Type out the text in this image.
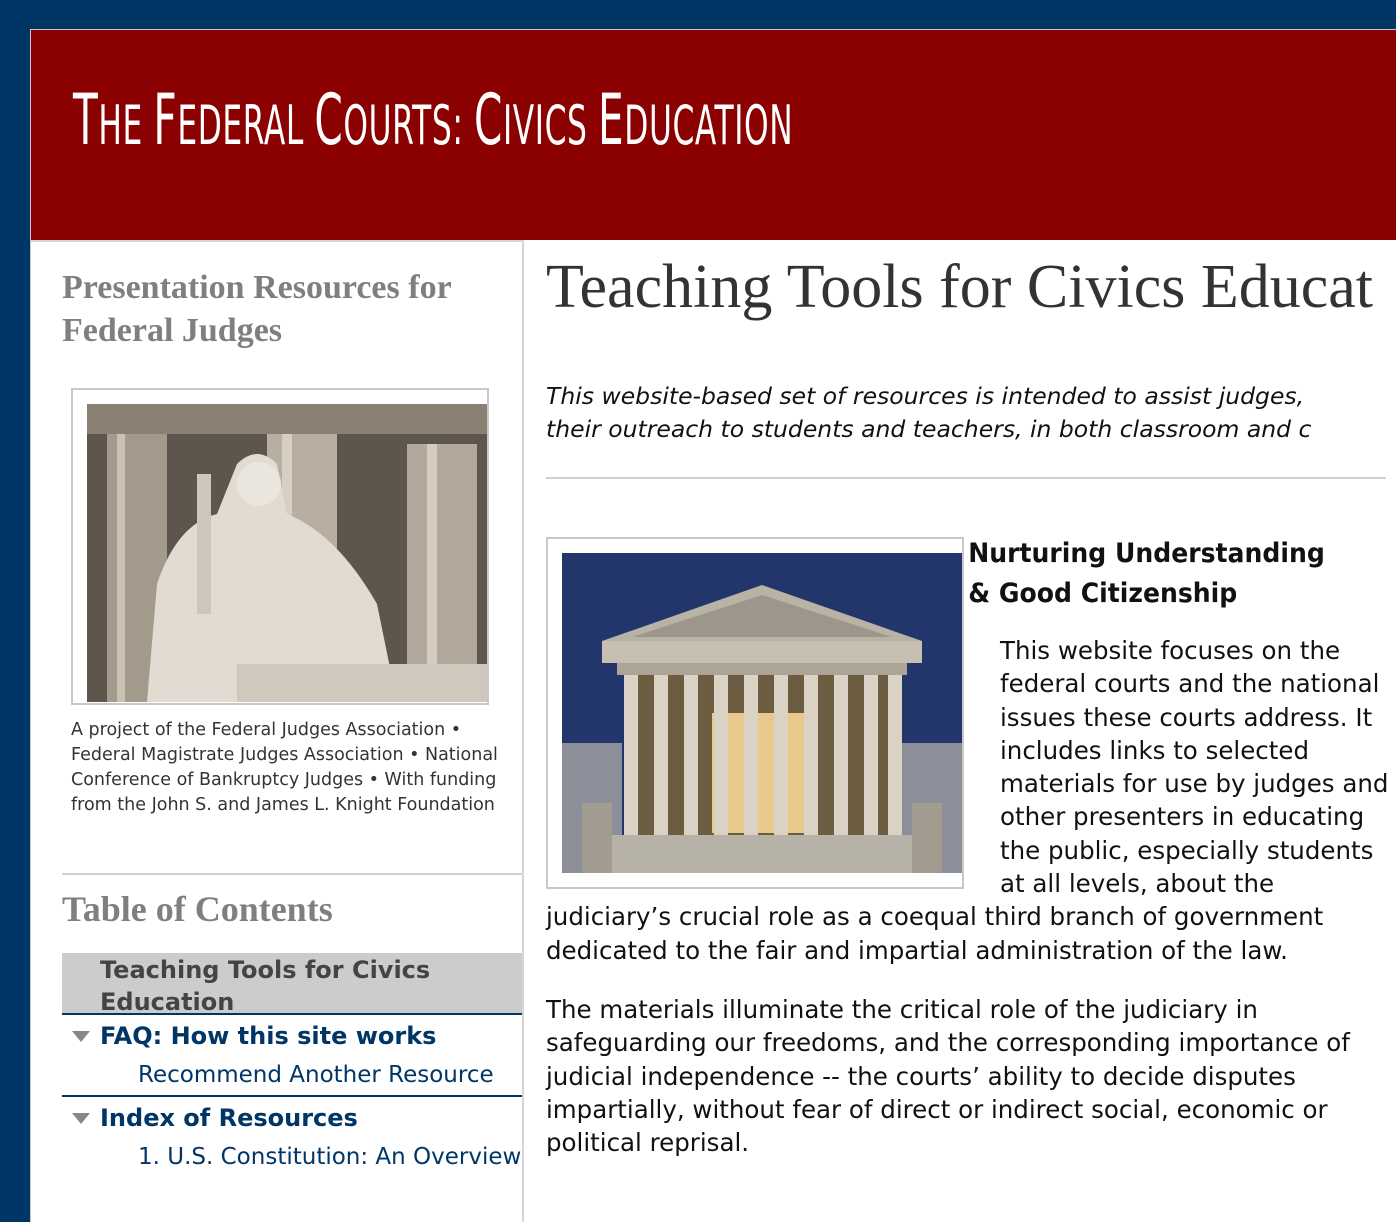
THE FEDERAL COURTS: CIVICS EDUCATION
Presentation Resources for Federal Judges
A project of the Federal Judges Association • Federal Magistrate Judges Association • National Conference of Bankruptcy Judges • With funding from the John S. and James L. Knight Foundation
Table of Contents
Teaching Tools for Civics Education
FAQ: How this site works
Recommend Another Resource
Index of Resources
1. U.S. Constitution: An Overview
Teaching Tools for Civics Educat
This website-based set of resources is intended to assist judges,
their outreach to students and teachers, in both classroom and c
Nurturing Understanding
& Good Citizenship

This website focuses on the federal courts and the national issues these courts address. It includes links to selected materials for use by judges and other presenters in educating the public, especially students at all levels, about the judiciary’s crucial role as a coequal third branch of government dedicated to the fair and impartial administration of the law.

The materials illuminate the critical role of the judiciary in safeguarding our freedoms, and the corresponding importance of judicial independence -- the courts’ ability to decide disputes impartially, without fear of direct or indirect social, economic or political reprisal.
